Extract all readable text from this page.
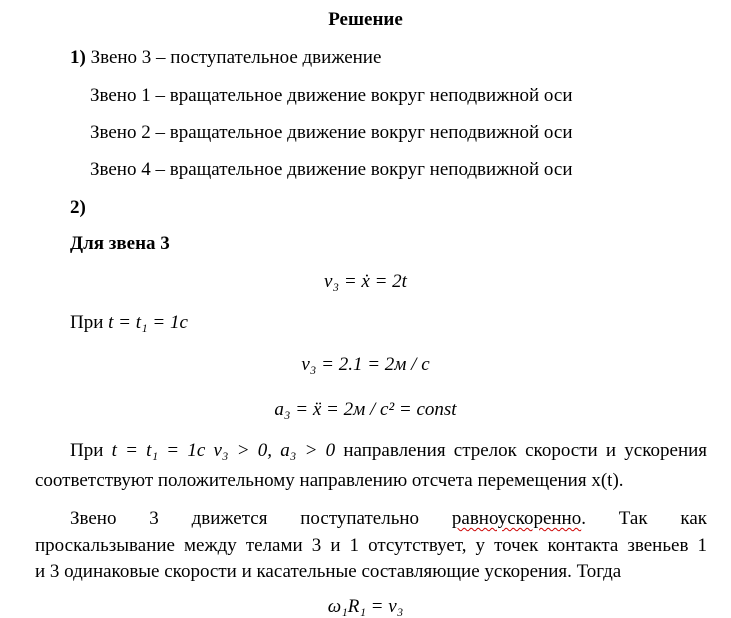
Решение
1) Звено 3 – поступательное движение
Звено 1 – вращательное движение вокруг неподвижной оси
Звено 2 – вращательное движение вокруг неподвижной оси
Звено 4 – вращательное движение вокруг неподвижной оси
2)
Для звена 3
v₃ = ẋ = 2t
При t = t₁ = 1c
v₃ = 2.1 = 2м / c
a₃ = ẍ = 2м / c² = const
При t = t₁ = 1c v₃ > 0, a₃ > 0 направления стрелок скорости и ускорения
соответствуют положительному направлению отсчета перемещения x(t).
Звено 3 движется поступательно равноускоренно. Так как
проскальзывание между телами 3 и 1 отсутствует, у точек контакта звеньев 1
и 3 одинаковые скорости и касательные составляющие ускорения. Тогда
ω₁R₁ = v₃
